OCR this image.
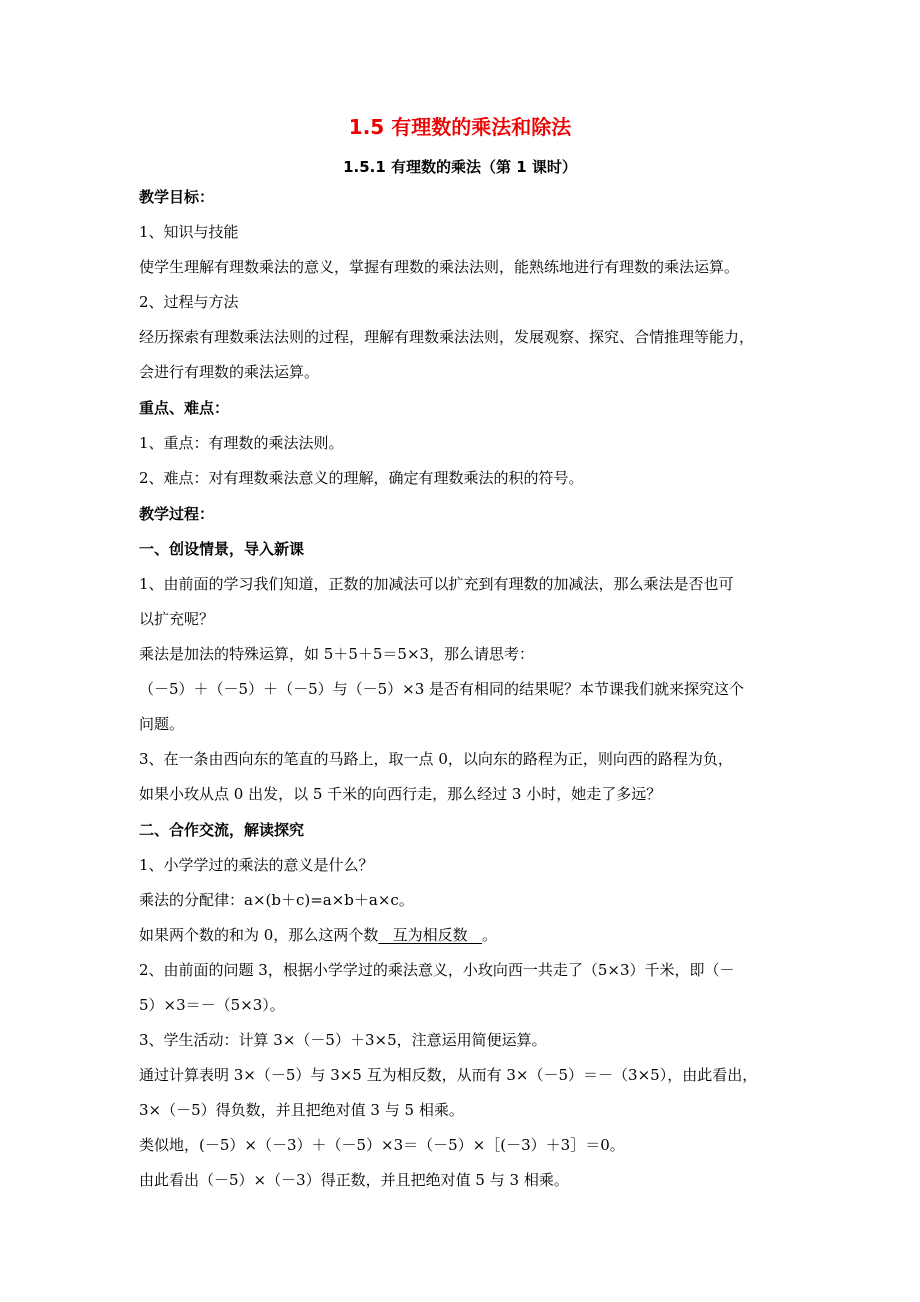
1.5 有理数的乘法和除法
1.5.1 有理数的乘法（第 1 课时）
教学目标：
1、知识与技能
使学生理解有理数乘法的意义，掌握有理数的乘法法则，能熟练地进行有理数的乘法运算。
2、过程与方法
经历探索有理数乘法法则的过程，理解有理数乘法法则，发展观察、探究、合情推理等能力，
会进行有理数的乘法运算。
重点、难点：
1、重点：有理数的乘法法则。
2、难点：对有理数乘法意义的理解，确定有理数乘法的积的符号。
教学过程：
一、创设情景，导入新课
1、由前面的学习我们知道，正数的加减法可以扩充到有理数的加减法，那么乘法是否也可
以扩充呢？
乘法是加法的特殊运算，如 5＋5＋5＝5×3，那么请思考：
（－5）＋（－5）＋（－5）与（－5）×3 是否有相同的结果呢？本节课我们就来探究这个
问题。
3、在一条由西向东的笔直的马路上，取一点 0，以向东的路程为正，则向西的路程为负，
如果小玫从点 0 出发，以 5 千米的向西行走，那么经过 3 小时，她走了多远？
二、合作交流，解读探究
1、小学学过的乘法的意义是什么？
乘法的分配律：a×(b＋c)=a×b＋a×c。
如果两个数的和为 0，那么这两个数   互为相反数   。
2、由前面的问题 3，根据小学学过的乘法意义，小玫向西一共走了（5×3）千米，即（－
5）×3＝－（5×3）。
3、学生活动：计算 3×（－5）＋3×5，注意运用简便运算。
通过计算表明 3×（－5）与 3×5 互为相反数，从而有 3×（－5）＝－（3×5），由此看出，
3×（－5）得负数，并且把绝对值 3 与 5 相乘。
类似地，(－5）×（－3）＋（－5）×3＝（－5）×［(－3）＋3］＝0。
由此看出（－5）×（－3）得正数，并且把绝对值 5 与 3 相乘。
